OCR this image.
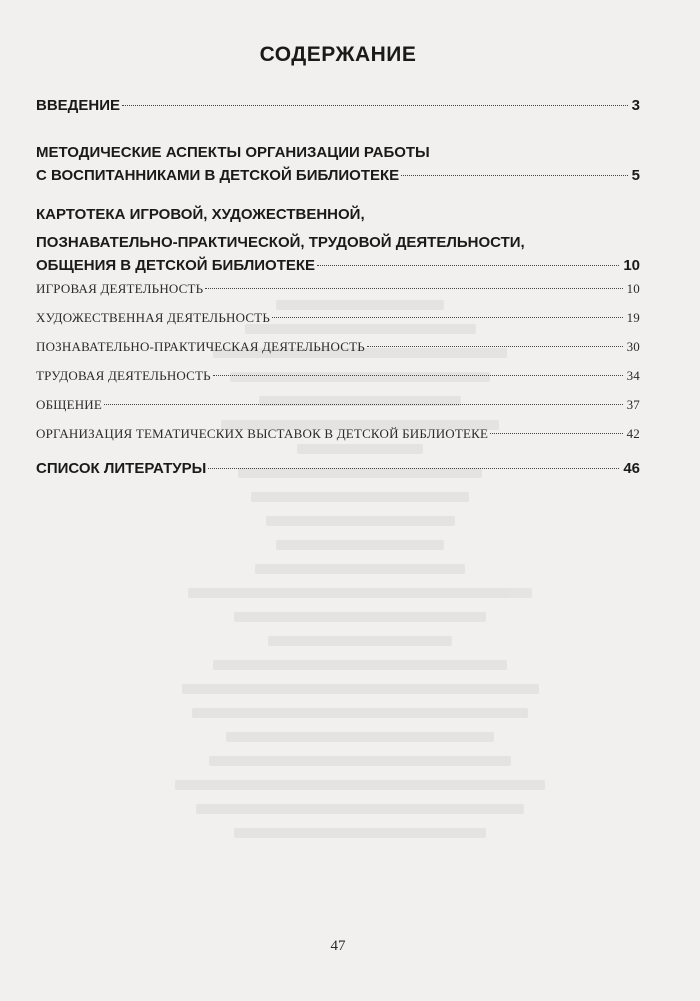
СОДЕРЖАНИЕ
ВВЕДЕНИЕ	3
МЕТОДИЧЕСКИЕ АСПЕКТЫ ОРГАНИЗАЦИИ РАБОТЫ
С ВОСПИТАННИКАМИ В ДЕТСКОЙ БИБЛИОТЕКЕ	5
КАРТОТЕКА ИГРОВОЙ, ХУДОЖЕСТВЕННОЙ,
ПОЗНАВАТЕЛЬНО-ПРАКТИЧЕСКОЙ, ТРУДОВОЙ ДЕЯТЕЛЬНОСТИ,
ОБЩЕНИЯ В ДЕТСКОЙ БИБЛИОТЕКЕ	10
ИГРОВАЯ ДЕЯТЕЛЬНОСТЬ	10
ХУДОЖЕСТВЕННАЯ ДЕЯТЕЛЬНОСТЬ	19
ПОЗНАВАТЕЛЬНО-ПРАКТИЧЕСКАЯ ДЕЯТЕЛЬНОСТЬ	30
ТРУДОВАЯ ДЕЯТЕЛЬНОСТЬ	34
ОБЩЕНИЕ	37
ОРГАНИЗАЦИЯ ТЕМАТИЧЕСКИХ ВЫСТАВОК В ДЕТСКОЙ БИБЛИОТЕКЕ	42
СПИСОК ЛИТЕРАТУРЫ	46
47
